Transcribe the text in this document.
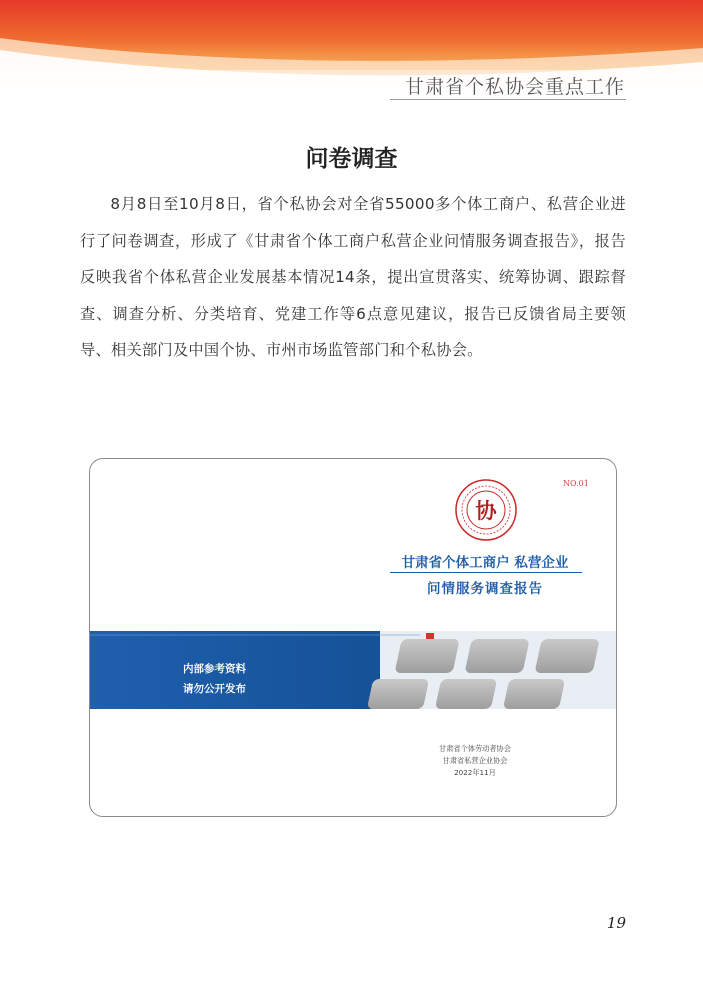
甘肃省个私协会重点工作
问卷调查

8月8日至10月8日，省个私协会对全省55000多个体工商户、私营企业进行了问卷调查，形成了《甘肃省个体工商户私营企业问情服务调查报告》，报告反映我省个体私营企业发展基本情况14条，提出宣贯落实、统筹协调、跟踪督查、调查分析、分类培育、党建工作等6点意见建议，报告已反馈省局主要领导、相关部门及中国个协、市州市场监管部门和个私协会。

NO.01
协
甘肃省个体工商户 私营企业
问情服务调查报告
内部参考资料
请勿公开发布
甘肃省个体劳动者协会
甘肃省私营企业协会
2022年11月
19
